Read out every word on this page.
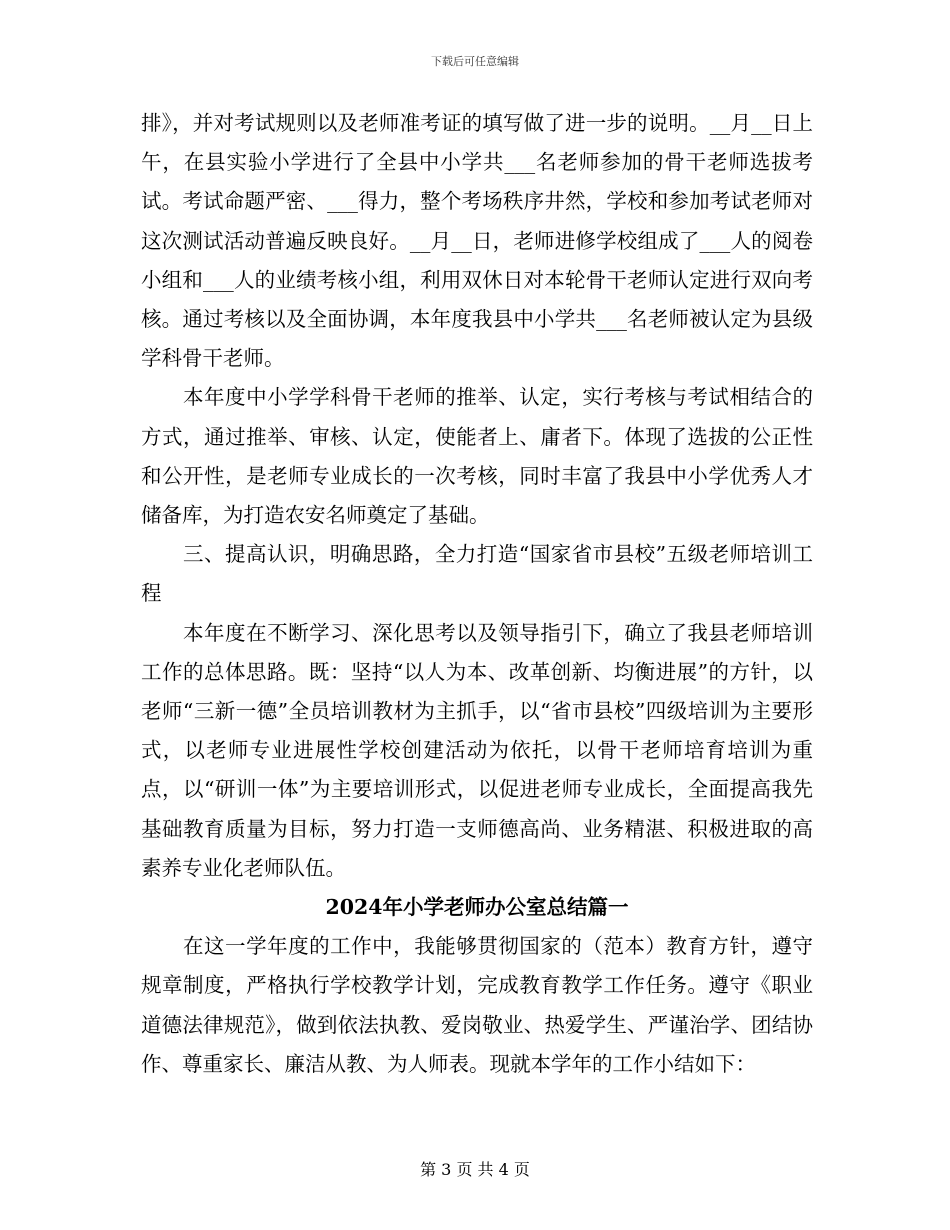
下载后可任意编辑

排》，并对考试规则以及老师准考证的填写做了进一步的说明。__月__日上午，在县实验小学进行了全县中小学共___名老师参加的骨干老师选拔考试。考试命题严密、___得力，整个考场秩序井然，学校和参加考试老师对这次测试活动普遍反映良好。__月__日，老师进修学校组成了___人的阅卷小组和___人的业绩考核小组，利用双休日对本轮骨干老师认定进行双向考核。通过考核以及全面协调，本年度我县中小学共___名老师被认定为县级学科骨干老师。

本年度中小学学科骨干老师的推举、认定，实行考核与考试相结合的方式，通过推举、审核、认定，使能者上、庸者下。体现了选拔的公正性和公开性，是老师专业成长的一次考核，同时丰富了我县中小学优秀人才储备库，为打造农安名师奠定了基础。

三、提高认识，明确思路，全力打造“国家省市县校”五级老师培训工程

本年度在不断学习、深化思考以及领导指引下，确立了我县老师培训工作的总体思路。既：坚持“以人为本、改革创新、均衡进展”的方针，以老师“三新一德”全员培训教材为主抓手，以“省市县校”四级培训为主要形式，以老师专业进展性学校创建活动为依托，以骨干老师培育培训为重点，以“研训一体”为主要培训形式，以促进老师专业成长，全面提高我先基础教育质量为目标，努力打造一支师德高尚、业务精湛、积极进取的高素养专业化老师队伍。

2024年小学老师办公室总结篇一

在这一学年度的工作中，我能够贯彻国家的（范本）教育方针，遵守规章制度，严格执行学校教学计划，完成教育教学工作任务。遵守《职业道德法律规范》，做到依法执教、爱岗敬业、热爱学生、严谨治学、团结协作、尊重家长、廉洁从教、为人师表。现就本学年的工作小结如下：

第 3 页 共 4 页
